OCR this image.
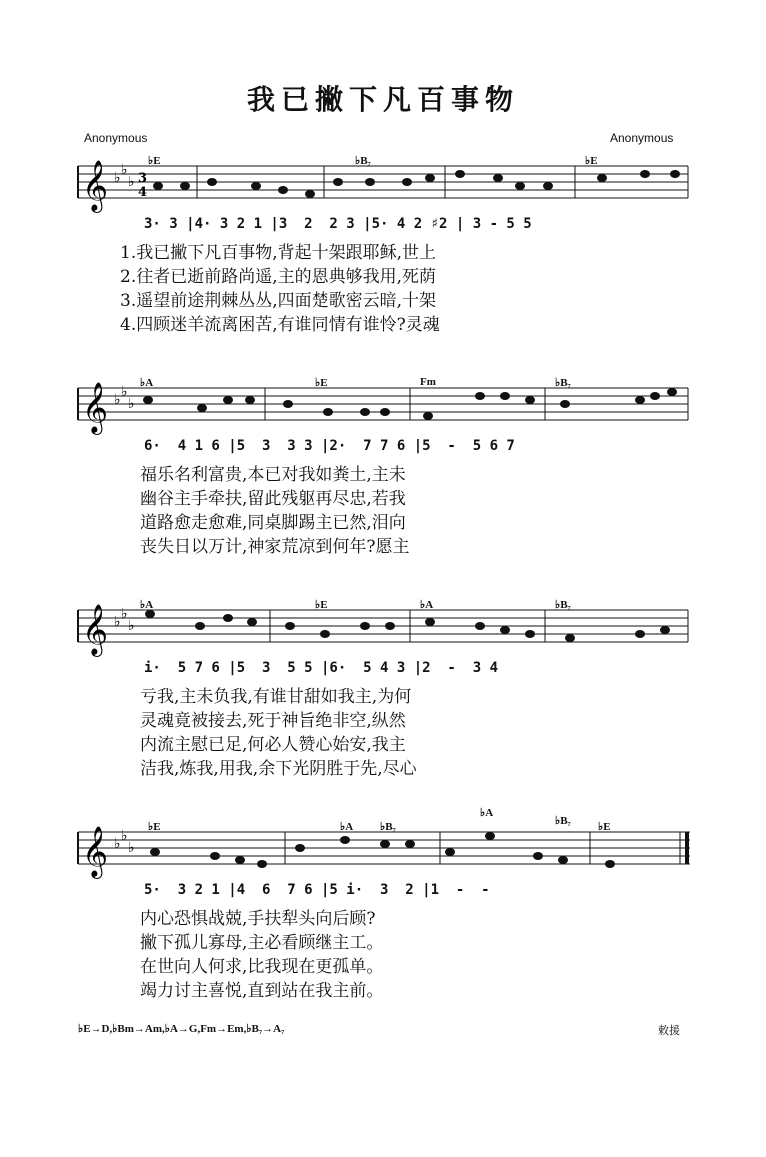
我已撇下凡百事物
Anonymous	Anonymous
𝄞 ♭ ♭
♭ 3
4
♭E	♭B₇	♭E
3· 3 |4· 3 2 1 |3  2  2 3 |5· 4 2 ♯2 | 3 - 5 5
1.我已撇下凡百事物,背起十架跟耶稣,世上
2.往者已逝前路尚遥,主的恩典够我用,死荫
3.遥望前途荆棘丛丛,四面楚歌密云暗,十架
4.四顾迷羊流离困苦,有谁同情有谁怜?灵魂
𝄞 ♭ ♭
♭
♭A	♭E	Fm	♭B₇
6·  4 1 6 |5  3  3 3 |2·  7 7 6 |5  -  5 6 7
福乐名利富贵,本已对我如粪土,主未
幽谷主手牵扶,留此残躯再尽忠,若我
道路愈走愈难,同桌脚踢主已然,泪向
丧失日以万计,神家荒凉到何年?愿主
𝄞 ♭ ♭
♭
♭A	♭E	♭A	♭B₇
i·  5 7 6 |5  3  5 5 |6·  5 4 3 |2  -  3 4
亏我,主未负我,有谁甘甜如我主,为何
灵魂竟被接去,死于神旨绝非空,纵然
内流主慰已足,何必人赞心始安,我主
洁我,炼我,用我,余下光阴胜于先,尽心
𝄞 ♭ ♭
♭
♭E	♭A ♭B₇
♭A
♭B₇ ♭E
5·  3 2 1 |4  6  7 6 |5 i·  3  2 |1  -  -
内心恐惧战兢,手扶犁头向后顾?
撇下孤儿寡母,主必看顾继主工。
在世向人何求,比我现在更孤单。
竭力讨主喜悦,直到站在我主前。
♭E→D,♭Bm→Am,♭A→G,Fm→Em,♭B₇→A₇	敕援
